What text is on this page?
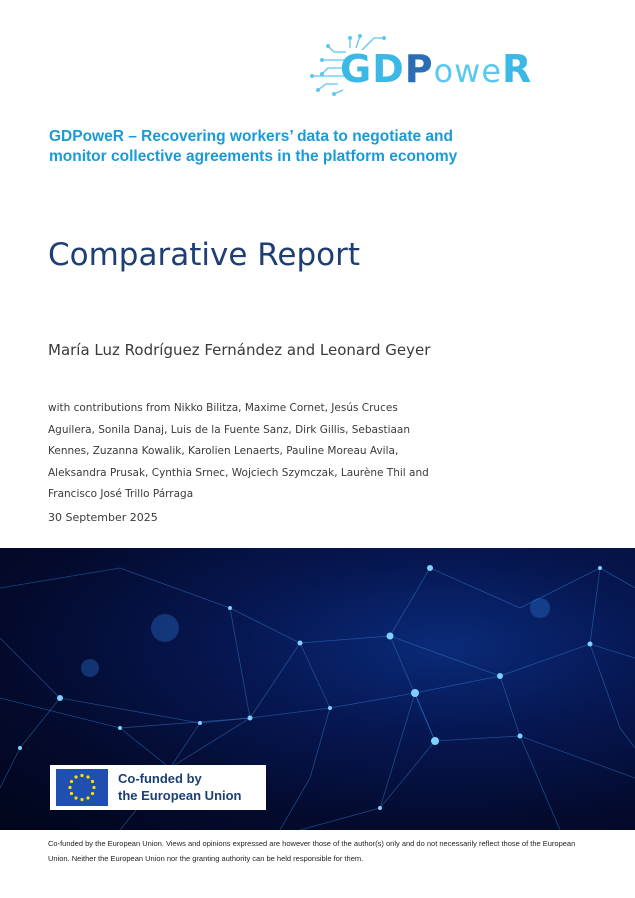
GDPoweR
GDPoweR – Recovering workers’ data to negotiate and monitor collective agreements in the platform economy
Comparative Report
María Luz Rodríguez Fernández and Leonard Geyer
with contributions from Nikko Bilitza, Maxime Cornet, Jesús Cruces Aguilera, Sonila Danaj, Luis de la Fuente Sanz, Dirk Gillis, Sebastiaan Kennes, Zuzanna Kowalik, Karolien Lenaerts, Pauline Moreau Avila, Aleksandra Prusak, Cynthia Srnec, Wojciech Szymczak, Laurène Thil and Francisco José Trillo Párraga
30 September 2025
Co-funded by
the European Union
Co-funded by the European Union. Views and opinions expressed are however those of the author(s) only and do not necessarily reflect those of the European Union. Neither the European Union nor the granting authority can be held responsible for them.
